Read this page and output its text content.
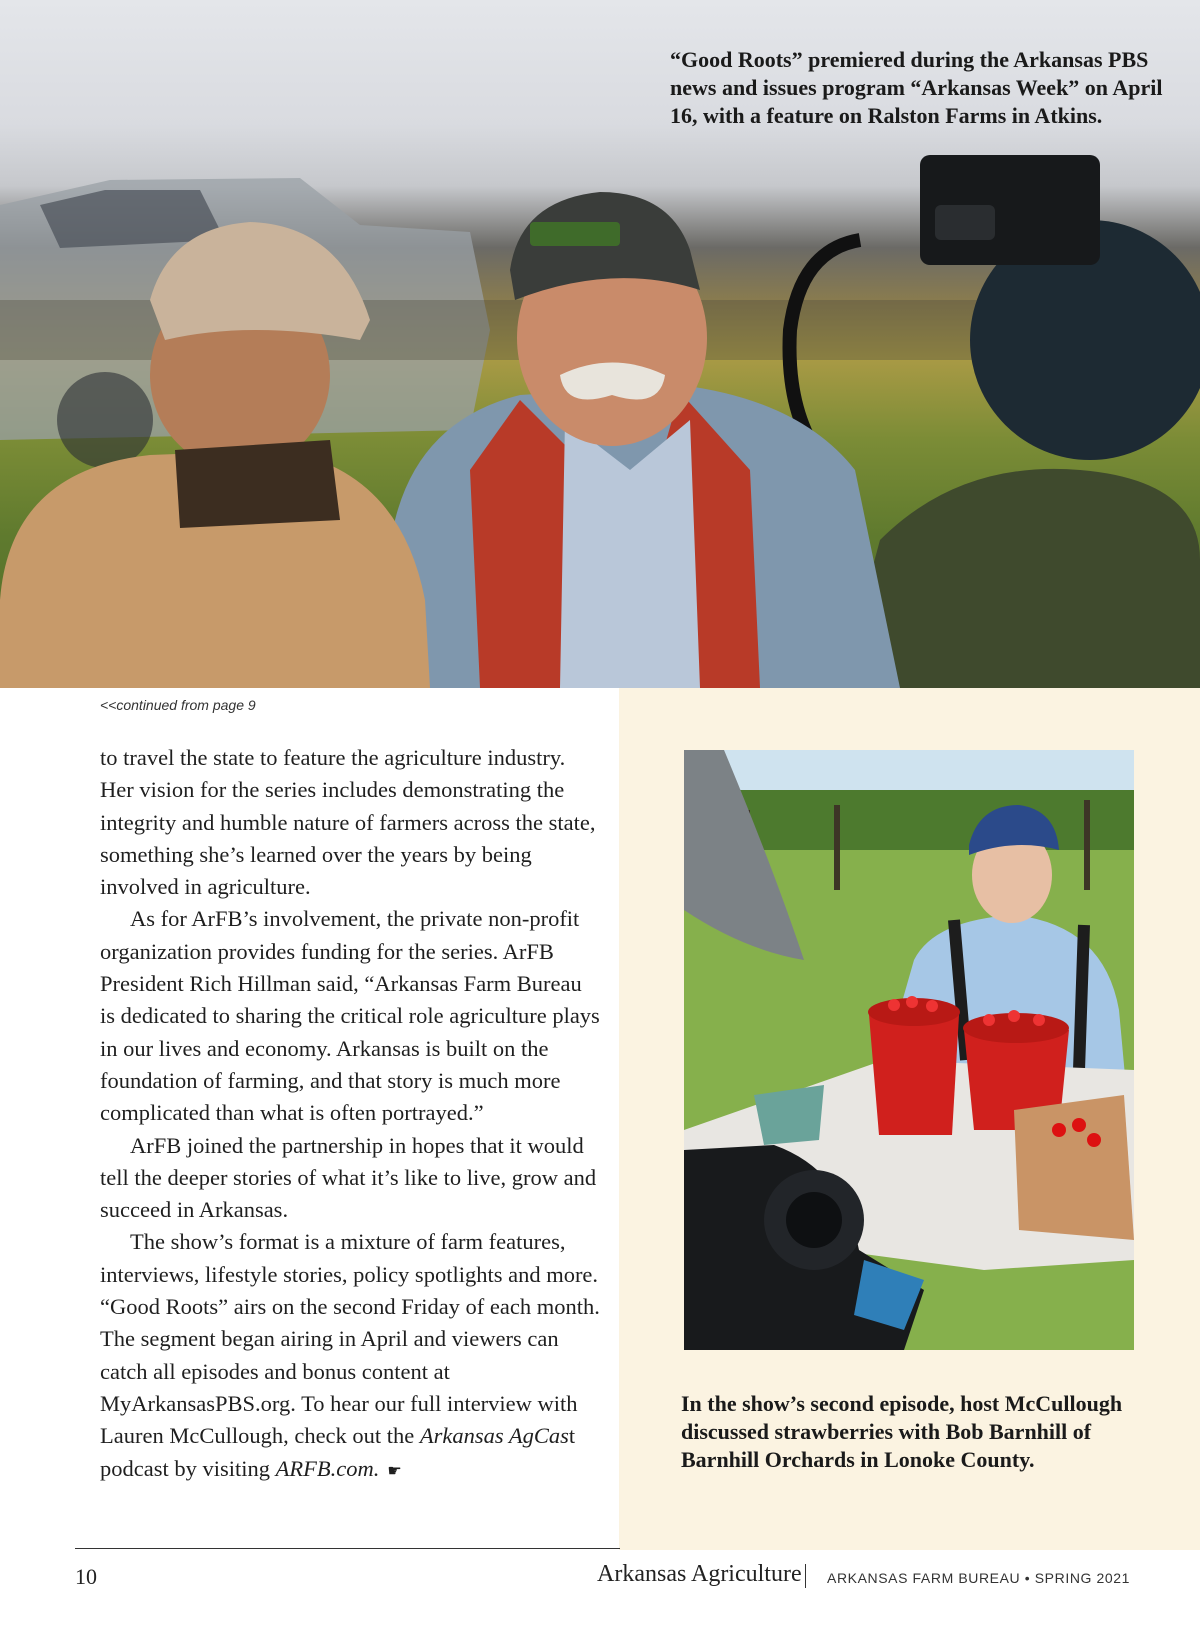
“Good Roots” premiered during the Arkansas PBS news and issues program “Arkansas Week” on April 16, with a feature on Ralston Farms in Atkins.
In the show’s second episode, host McCullough discussed strawberries with Bob Barnhill of Barnhill Orchards in Lonoke County.
<<continued from page 9

to travel the state to feature the agriculture industry. Her vision for the series includes demonstrating the integrity and humble nature of farmers across the state, something she’s learned over the years by being involved in agriculture.

As for ArFB’s involvement, the private non-profit organization provides funding for the series. ArFB President Rich Hillman said, “Arkansas Farm Bureau is dedicated to sharing the critical role agriculture plays in our lives and economy. Arkansas is built on the foundation of farming, and that story is much more complicated than what is often portrayed.”

ArFB joined the partnership in hopes that it would tell the deeper stories of what it’s like to live, grow and succeed in Arkansas.

The show’s format is a mixture of farm features, interviews, lifestyle stories, policy spotlights and more. “Good Roots” airs on the second Friday of each month. The segment began airing in April and viewers can catch all episodes and bonus content at MyArkansasPBS.org. To hear our full interview with Lauren McCullough, check out the Arkansas AgCast podcast by visiting ARFB.com. ☛

10	Arkansas Agriculture ARKANSAS FARM BUREAU • SPRING 2021
